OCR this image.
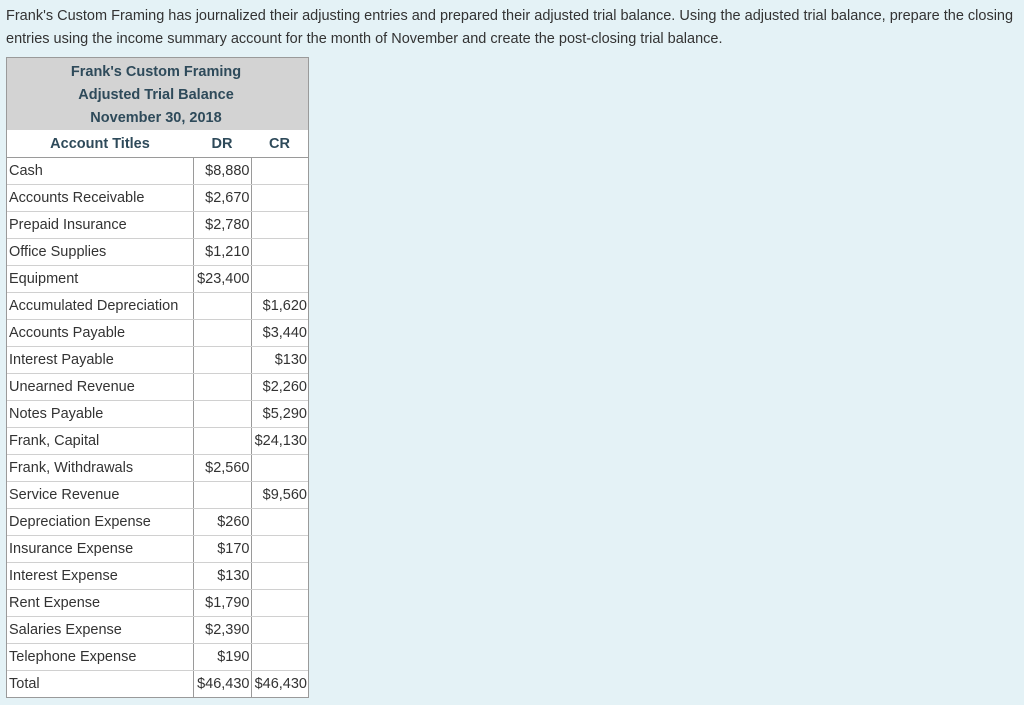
Frank's Custom Framing has journalized their adjusting entries and prepared their adjusted trial balance. Using the adjusted trial balance, prepare the closing entries using the income summary account for the month of November and create the post-closing trial balance.
Frank's Custom Framing
Adjusted Trial Balance
November 30, 2018
Account Titles	DR	CR
Cash	$8,880	
Accounts Receivable	$2,670	
Prepaid Insurance	$2,780	
Office Supplies	$1,210	
Equipment	$23,400	
Accumulated Depreciation		$1,620
Accounts Payable		$3,440
Interest Payable		$130
Unearned Revenue		$2,260
Notes Payable		$5,290
Frank, Capital		$24,130
Frank, Withdrawals	$2,560	
Service Revenue		$9,560
Depreciation Expense	$260	
Insurance Expense	$170	
Interest Expense	$130	
Rent Expense	$1,790	
Salaries Expense	$2,390	
Telephone Expense	$190	
Total	$46,430	$46,430
